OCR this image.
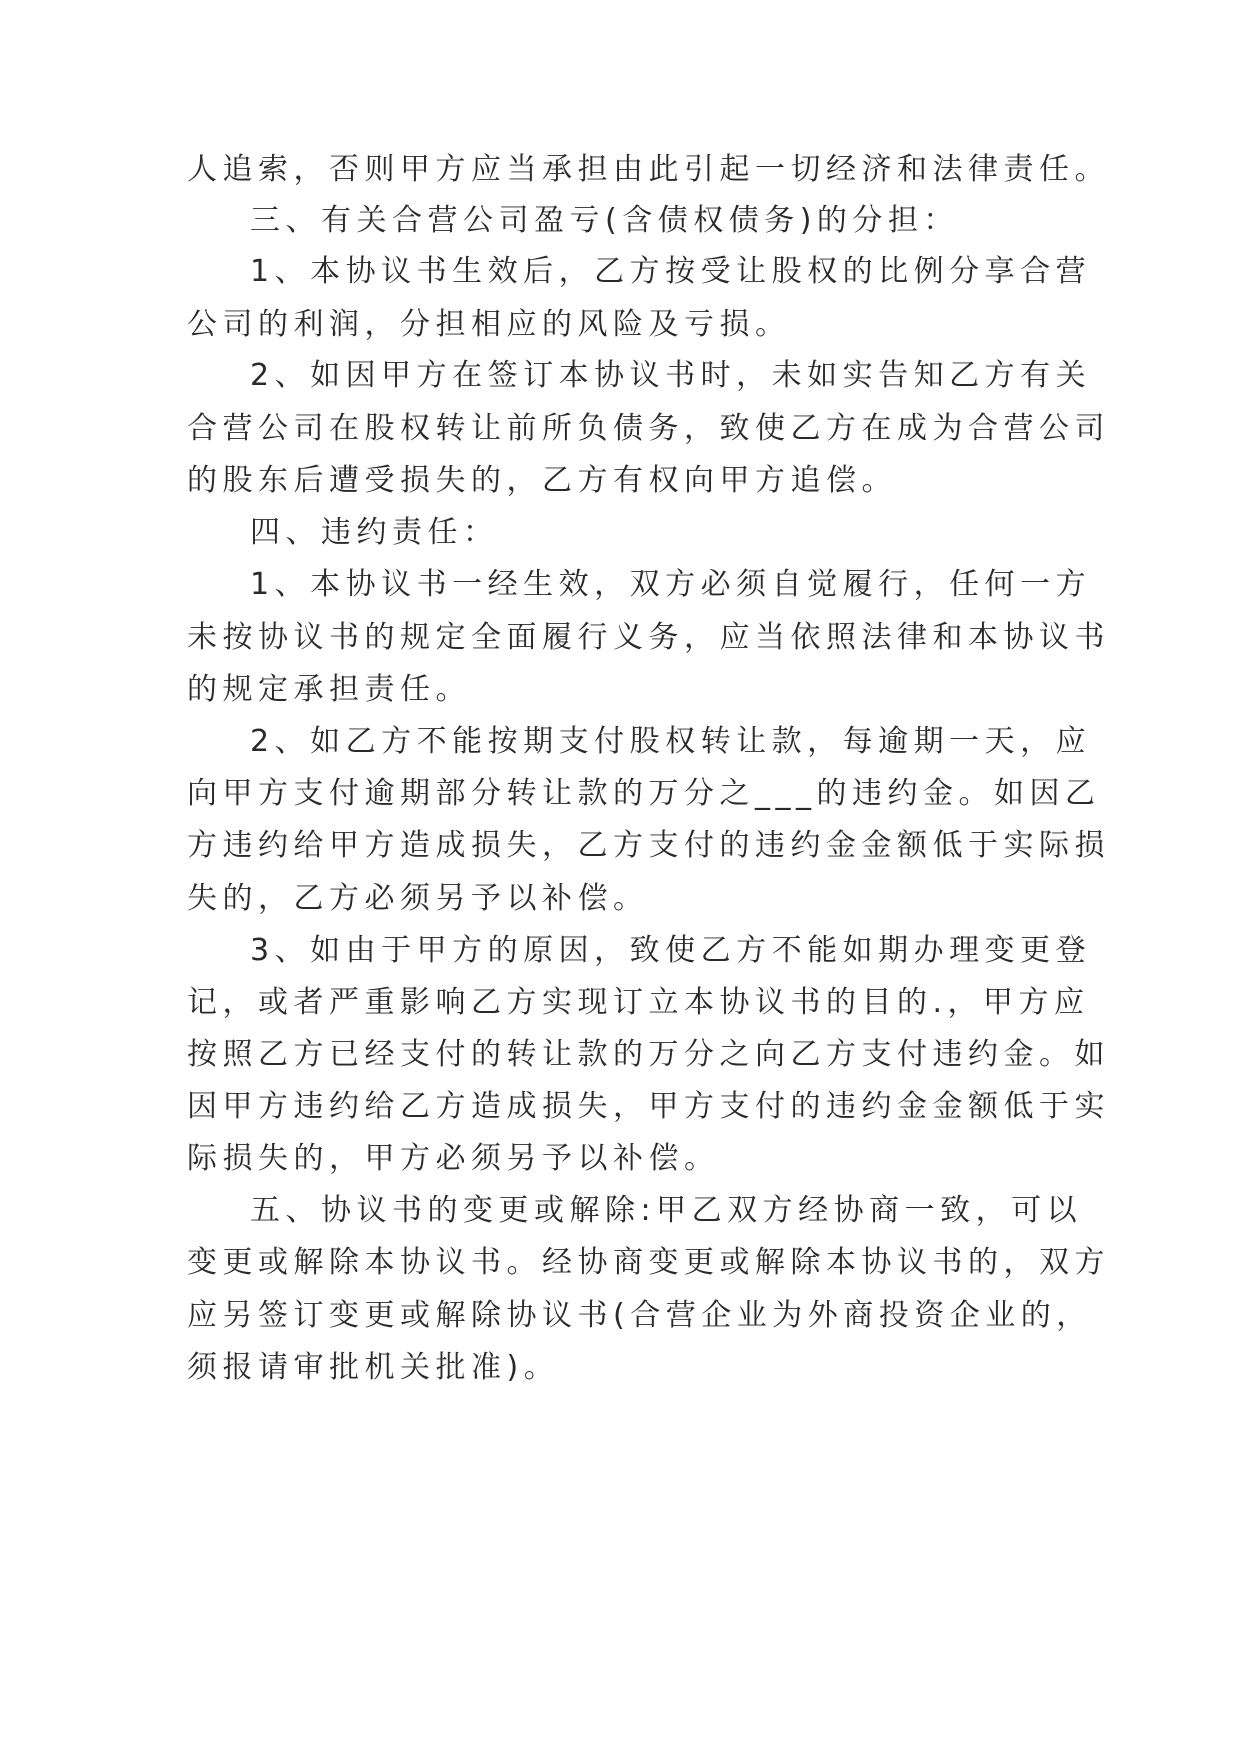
人追索，否则甲方应当承担由此引起一切经济和法律责任。
三、有关合营公司盈亏(含债权债务)的分担：
1、本协议书生效后，乙方按受让股权的比例分享合营
公司的利润，分担相应的风险及亏损。
2、如因甲方在签订本协议书时，未如实告知乙方有关
合营公司在股权转让前所负债务，致使乙方在成为合营公司
的股东后遭受损失的，乙方有权向甲方追偿。
四、违约责任：
1、本协议书一经生效，双方必须自觉履行，任何一方
未按协议书的规定全面履行义务，应当依照法律和本协议书
的规定承担责任。
2、如乙方不能按期支付股权转让款，每逾期一天，应
向甲方支付逾期部分转让款的万分之___的违约金。如因乙
方违约给甲方造成损失，乙方支付的违约金金额低于实际损
失的，乙方必须另予以补偿。
3、如由于甲方的原因，致使乙方不能如期办理变更登
记，或者严重影响乙方实现订立本协议书的目的.，甲方应
按照乙方已经支付的转让款的万分之向乙方支付违约金。如
因甲方违约给乙方造成损失，甲方支付的违约金金额低于实
际损失的，甲方必须另予以补偿。
五、协议书的变更或解除:甲乙双方经协商一致，可以
变更或解除本协议书。经协商变更或解除本协议书的，双方
应另签订变更或解除协议书(合营企业为外商投资企业的，
须报请审批机关批准)。
